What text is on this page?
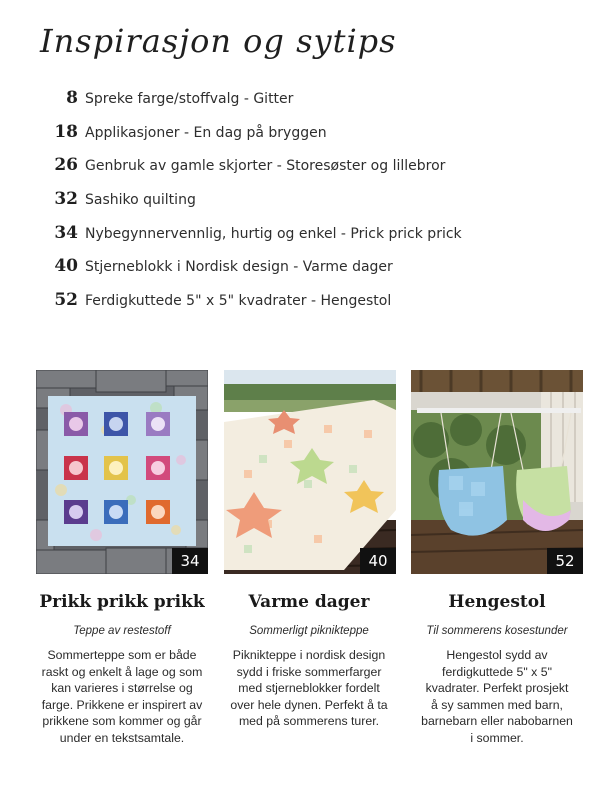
Inspirasjon og sytips
8 Spreke farge/stoffvalg - Gitter
18 Applikasjoner - En dag på bryggen
26 Genbruk av gamle skjorter - Storesøster og lillebror
32 Sashiko quilting
34 Nybegynnervennlig, hurtig og enkel - Prick prick prick
40 Stjerneblokk i Nordisk design - Varme dager
52 Ferdigkuttede 5" x 5" kvadrater - Hengestol
34	40	52
Prikk prikk prikk
Teppe av restestoff
Sommerteppe som er både
raskt og enkelt å lage og som
kan varieres i størrelse og
farge. Prikkene er inspirert av
prikkene som kommer og går
under en tekstsamtale.
Varme dager
Sommerligt piknikteppe
Piknikteppe i nordisk design
sydd i friske sommerfarger
med stjerneblokker fordelt
over hele dynen. Perfekt å ta
med på sommerens turer.
Hengestol
Til sommerens kosestunder
Hengestol sydd av
ferdigkuttede 5" x 5"
kvadrater. Perfekt prosjekt
å sy sammen med barn,
barnebarn eller nabobarnen
i sommer.
